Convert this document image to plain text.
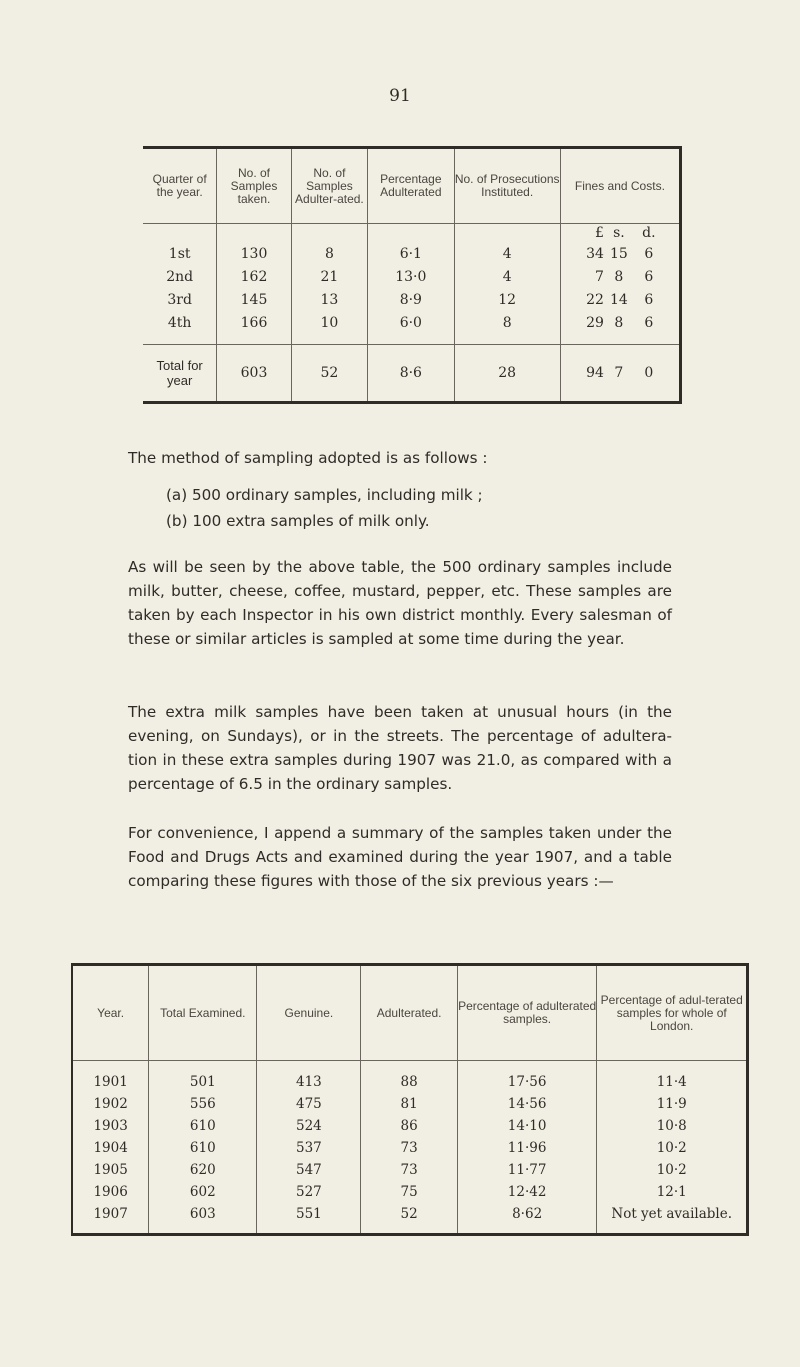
91
Quarter of the year.	No. of Samples taken.	No. of Samples Adulter-ated.	Percentage Adulterated	No. of Prosecutions Instituted.	Fines and Costs.
					£ s. d.
1st	130	8	6·1	4	34 15 6
2nd	162	21	13·0	4	7 8 6
3rd	145	13	8·9	12	22 14 6
4th	166	10	6·0	8	29 8 6

Total for year	603	52	8·6	28	94 7 0
The method of sampling adopted is as follows :
(a) 500 ordinary samples, including milk ;
(b) 100 extra samples of milk only.
As will be seen by the above table, the 500 ordinary samples include milk, butter, cheese, coffee, mustard, pepper, etc. These samples are taken by each Inspector in his own district monthly. Every salesman of these or similar articles is sampled at some time during the year.
The extra milk samples have been taken at unusual hours (in the evening, on Sundays), or in the streets. The percentage of adultera-tion in these extra samples during 1907 was 21.0, as compared with a percentage of 6.5 in the ordinary samples.
For convenience, I append a summary of the samples taken under the Food and Drugs Acts and examined during the year 1907, and a table comparing these figures with those of the six previous years :—
Year.	Total Examined.	Genuine.	Adulterated.	Percentage of adulterated samples.	Percentage of adul-terated samples for whole of London.
1901	501	413	88	17·56	11·4
1902	556	475	81	14·56	11·9
1903	610	524	86	14·10	10·8
1904	610	537	73	11·96	10·2
1905	620	547	73	11·77	10·2
1906	602	527	75	12·42	12·1
1907	603	551	52	8·62	Not yet available.
